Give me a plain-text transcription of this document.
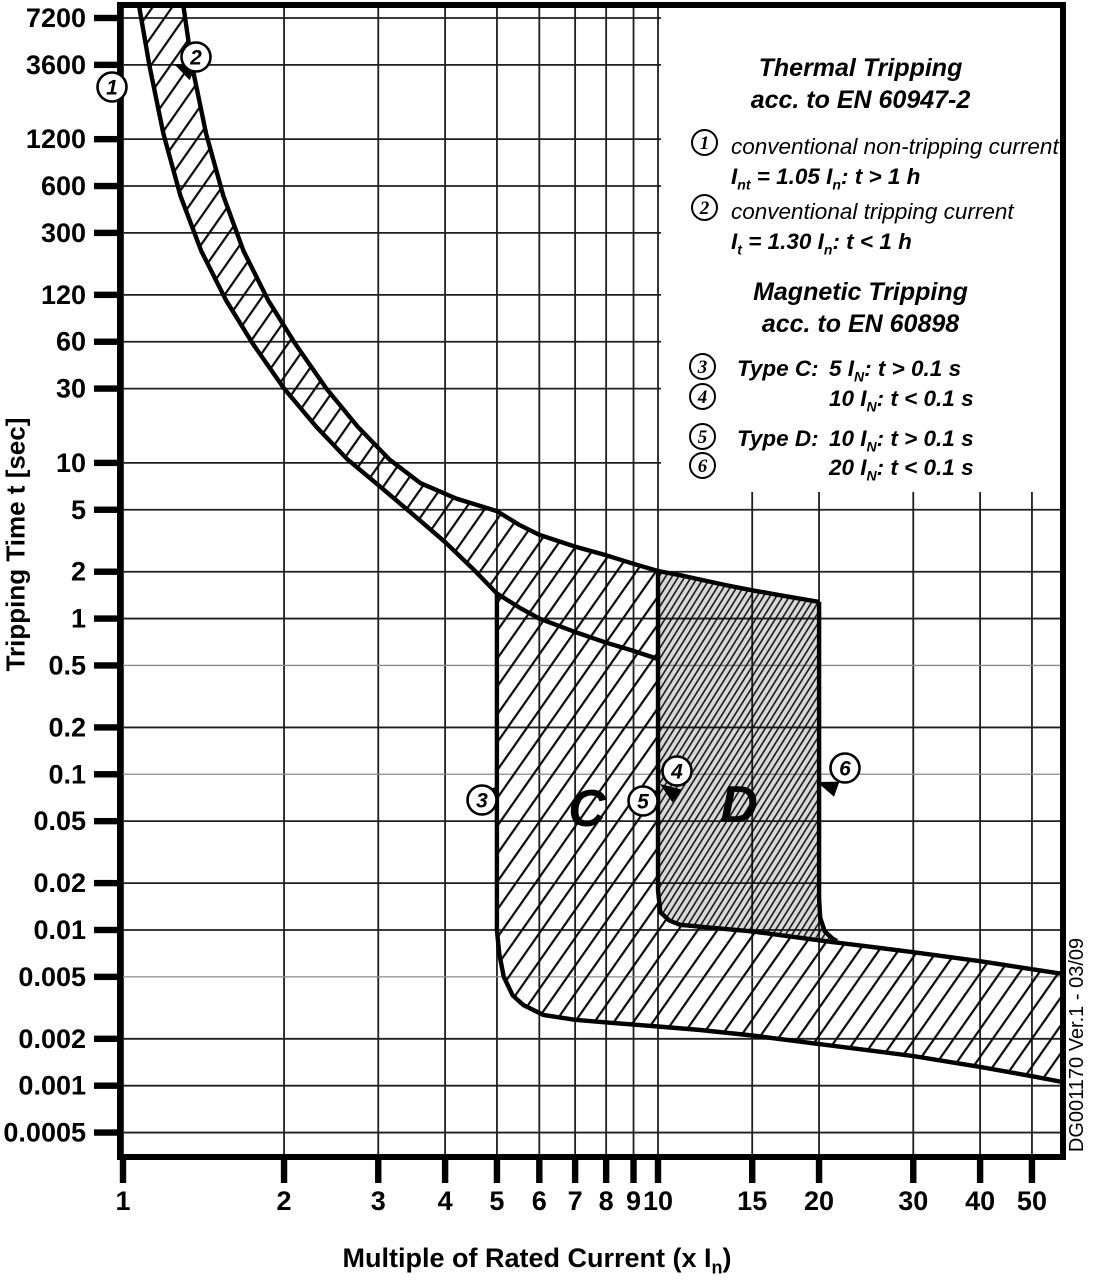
7200
3600
1200
600
300
120
60
30
10
5
2
1
0.5
0.2
0.1
0.05
0.02
0.01
0.005
0.002
0.001
0.0005
1	2	3 4 5 6 7 8 9 10 15 20 30 40 50
1
2
3
4
5
6
C D
DG001170 Ver.1 - 03/09
Thermal Tripping
acc. to EN 60947-2
1 conventional non-tripping current
$I_{nt} = 1.05$ $I_n$: t > 1 h
2 conventional tripping current
$I_t = 1.30$ $I_n$: t < 1 h
Magnetic Tripping
acc. to EN 60898
3	Type C: 5 $I_N$: t > 0.1 s
4	10 $I_N$: t < 0.1 s
5	Type D: 10 $I_N$: t > 0.1 s
6	20 $I_N$: t < 0.1 s
Multiple of Rated Current (x $I_n$)
Tripping Time t [sec]
